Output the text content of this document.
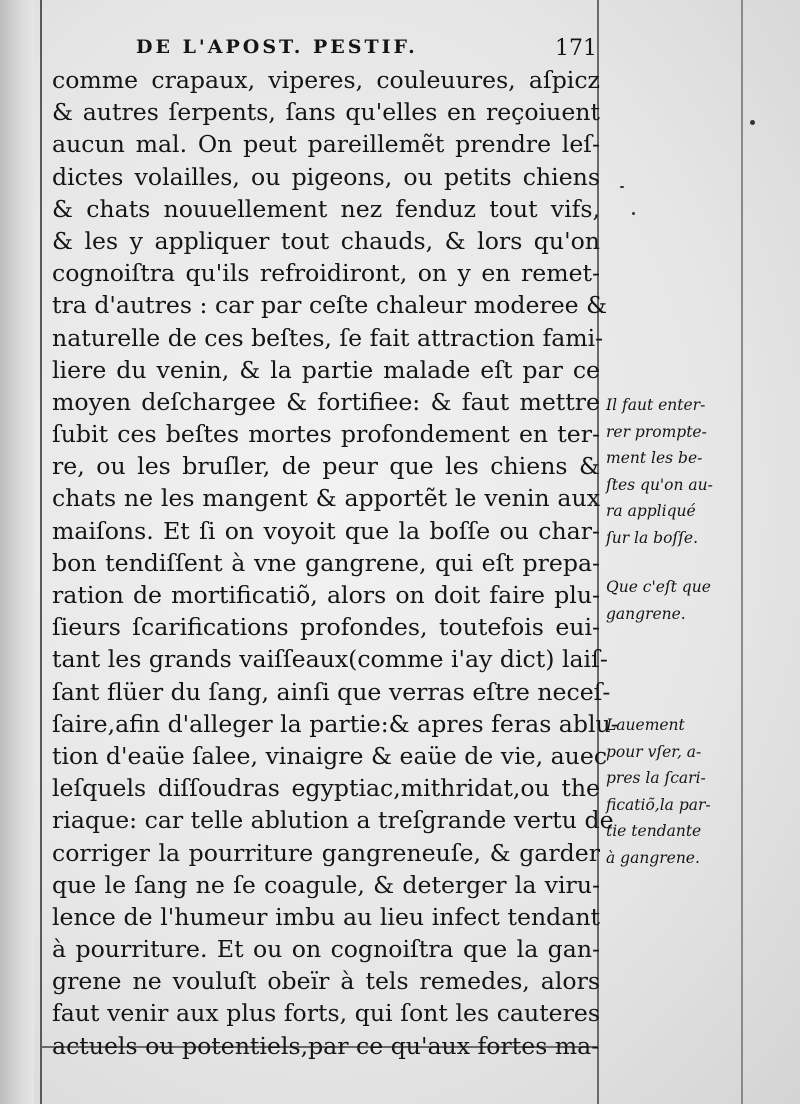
DE L'APOST. PESTIF.	171
comme crapaux, viperes, couleuures, aſpicz
& autres ſerpents, ſans qu'elles en reçoiuent
aucun mal. On peut pareillemẽt prendre leſ-
dictes volailles, ou pigeons, ou petits chiens
& chats nouuellement nez fenduz tout vifs,
& les y appliquer tout chauds, & lors qu'on
cognoiſtra qu'ils refroidiront, on y en remet-
tra d'autres : car par ceſte chaleur moderee &
naturelle de ces beſtes, ſe fait attraction fami-
liere du venin, & la partie malade eſt par ce
moyen deſchargee & fortifiee: & faut mettre
ſubit ces beſtes mortes profondement en ter-
re, ou les bruſler, de peur que les chiens &
chats ne les mangent & apportẽt le venin aux
maiſons. Et ſi on voyoit que la boſſe ou char-
bon tendiſſent à vne gangrene, qui eſt prepa-
ration de mortificatiõ, alors on doit faire plu-
ſieurs ſcarifications profondes, toutefois eui-
tant les grands vaiſſeaux(comme i'ay dict) laiſ-
ſant flüer du ſang, ainſi que verras eſtre neceſ-
ſaire,afin d'alleger la partie:& apres feras ablu-
tion d'eaüe ſalee, vinaigre & eaüe de vie, auec
leſquels diſſoudras egyptiac,mithridat,ou the
riaque: car telle ablution a treſgrande vertu de
corriger la pourriture gangreneuſe, & garder
que le ſang ne ſe coagule, & deterger la viru-
lence de l'humeur imbu au lieu infect tendant
à pourriture. Et ou on cognoiſtra que la gan-
grene ne vouluſt obeïr à tels remedes, alors
faut venir aux plus forts, qui ſont les cauteres
actuels ou potentiels,par ce qu'aux fortes ma-
Il faut enter-
rer prompte-
ment les be-
ſtes qu'on au-
ra appliqué
ſur la boſſe.
Que c'eſt que
gangrene.
Lauement
pour vſer, a-
pres la ſcari-
ficatiõ,la par-
tie tendante
à gangrene.
